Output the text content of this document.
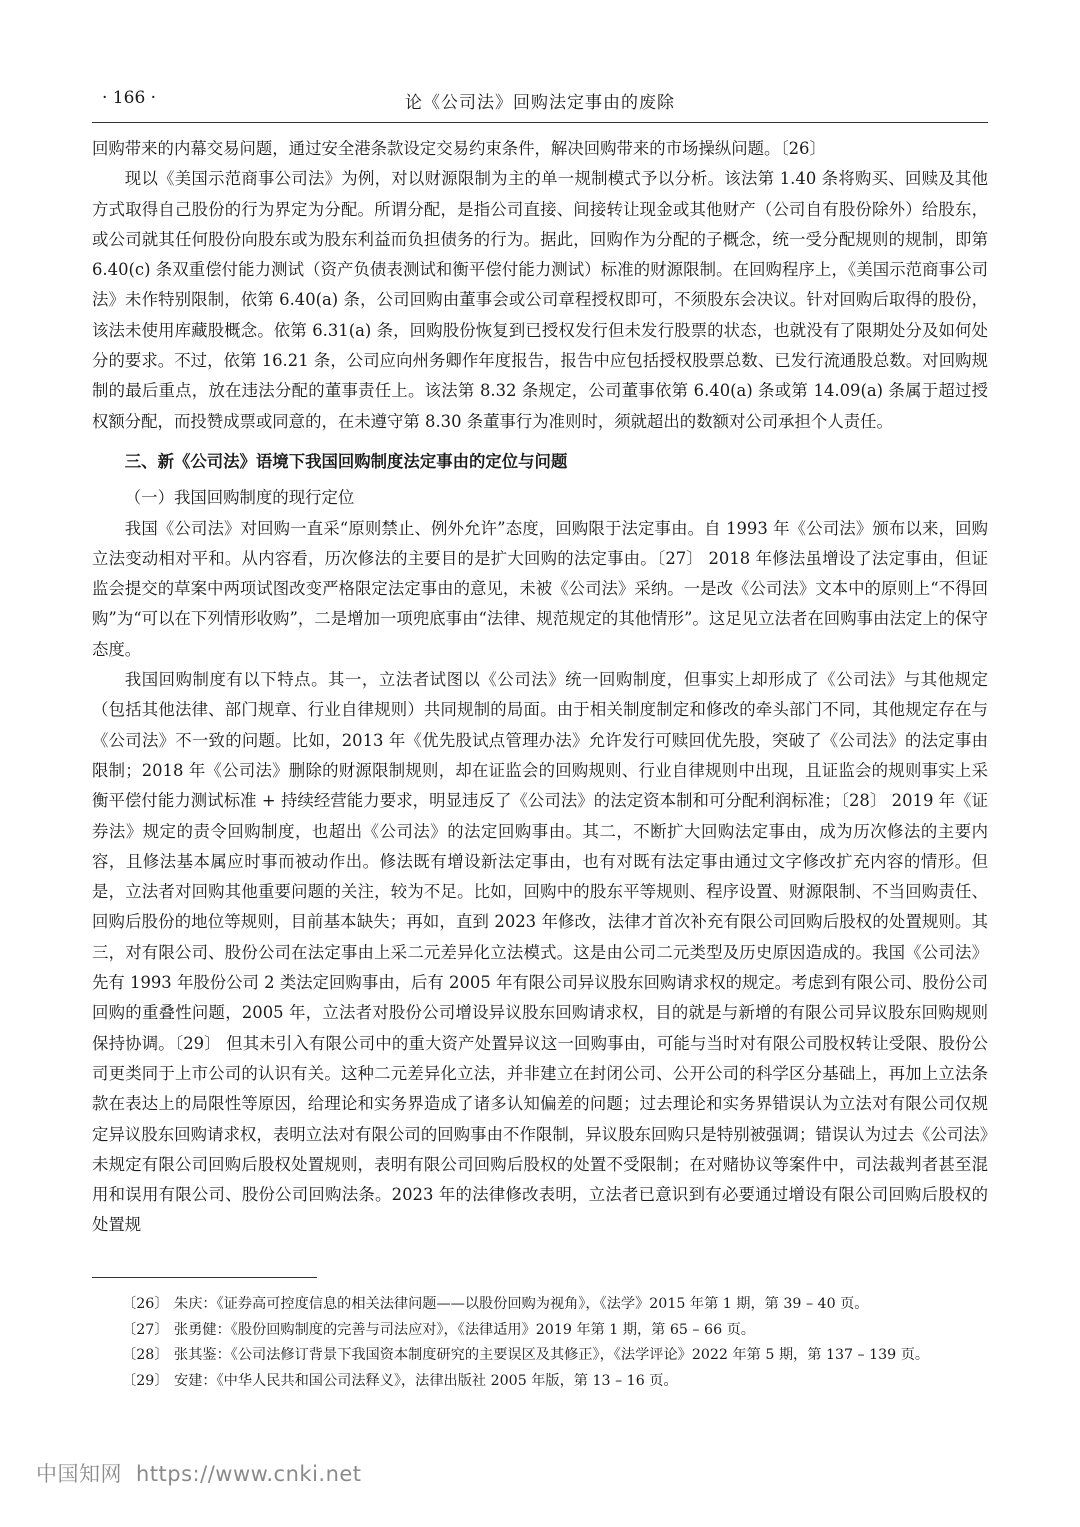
· 166 ·	论《公司法》回购法定事由的废除

回购带来的内幕交易问题，通过安全港条款设定交易约束条件，解决回购带来的市场操纵问题。〔26〕

现以《美国示范商事公司法》为例，对以财源限制为主的单一规制模式予以分析。该法第 1.40 条将购买、回赎及其他方式取得自己股份的行为界定为分配。所谓分配，是指公司直接、间接转让现金或其他财产（公司自有股份除外）给股东，或公司就其任何股份向股东或为股东利益而负担债务的行为。据此，回购作为分配的子概念，统一受分配规则的规制，即第 6.40(c) 条双重偿付能力测试（资产负债表测试和衡平偿付能力测试）标准的财源限制。在回购程序上，《美国示范商事公司法》未作特别限制，依第 6.40(a) 条，公司回购由董事会或公司章程授权即可，不须股东会决议。针对回购后取得的股份，该法未使用库藏股概念。依第 6.31(a) 条，回购股份恢复到已授权发行但未发行股票的状态，也就没有了限期处分及如何处分的要求。不过，依第 16.21 条，公司应向州务卿作年度报告，报告中应包括授权股票总数、已发行流通股总数。对回购规制的最后重点，放在违法分配的董事责任上。该法第 8.32 条规定，公司董事依第 6.40(a) 条或第 14.09(a) 条属于超过授权额分配，而投赞成票或同意的，在未遵守第 8.30 条董事行为准则时，须就超出的数额对公司承担个人责任。

三、新《公司法》语境下我国回购制度法定事由的定位与问题
（一）我国回购制度的现行定位

我国《公司法》对回购一直采“原则禁止、例外允许”态度，回购限于法定事由。自 1993 年《公司法》颁布以来，回购立法变动相对平和。从内容看，历次修法的主要目的是扩大回购的法定事由。〔27〕 2018 年修法虽增设了法定事由，但证监会提交的草案中两项试图改变严格限定法定事由的意见，未被《公司法》采纳。一是改《公司法》文本中的原则上“不得回购”为“可以在下列情形收购”，二是增加一项兜底事由“法律、规范规定的其他情形”。这足见立法者在回购事由法定上的保守态度。

我国回购制度有以下特点。其一，立法者试图以《公司法》统一回购制度，但事实上却形成了《公司法》与其他规定（包括其他法律、部门规章、行业自律规则）共同规制的局面。由于相关制度制定和修改的牵头部门不同，其他规定存在与《公司法》不一致的问题。比如，2013 年《优先股试点管理办法》允许发行可赎回优先股，突破了《公司法》的法定事由限制；2018 年《公司法》删除的财源限制规则，却在证监会的回购规则、行业自律规则中出现，且证监会的规则事实上采衡平偿付能力测试标准 + 持续经营能力要求，明显违反了《公司法》的法定资本制和可分配利润标准；〔28〕 2019 年《证券法》规定的责令回购制度，也超出《公司法》的法定回购事由。其二，不断扩大回购法定事由，成为历次修法的主要内容，且修法基本属应时事而被动作出。修法既有增设新法定事由，也有对既有法定事由通过文字修改扩充内容的情形。但是，立法者对回购其他重要问题的关注，较为不足。比如，回购中的股东平等规则、程序设置、财源限制、不当回购责任、回购后股份的地位等规则，目前基本缺失；再如，直到 2023 年修改，法律才首次补充有限公司回购后股权的处置规则。其三，对有限公司、股份公司在法定事由上采二元差异化立法模式。这是由公司二元类型及历史原因造成的。我国《公司法》先有 1993 年股份公司 2 类法定回购事由，后有 2005 年有限公司异议股东回购请求权的规定。考虑到有限公司、股份公司回购的重叠性问题，2005 年，立法者对股份公司增设异议股东回购请求权，目的就是与新增的有限公司异议股东回购规则保持协调。〔29〕 但其未引入有限公司中的重大资产处置异议这一回购事由，可能与当时对有限公司股权转让受限、股份公司更类同于上市公司的认识有关。这种二元差异化立法，并非建立在封闭公司、公开公司的科学区分基础上，再加上立法条款在表达上的局限性等原因，给理论和实务界造成了诸多认知偏差的问题；过去理论和实务界错误认为立法对有限公司仅规定异议股东回购请求权，表明立法对有限公司的回购事由不作限制，异议股东回购只是特别被强调；错误认为过去《公司法》未规定有限公司回购后股权处置规则，表明有限公司回购后股权的处置不受限制；在对赌协议等案件中，司法裁判者甚至混用和误用有限公司、股份公司回购法条。2023 年的法律修改表明，立法者已意识到有必要通过增设有限公司回购后股权的处置规

〔26〕 朱庆：《证券高可控度信息的相关法律问题——以股份回购为视角》，《法学》2015 年第 1 期，第 39 – 40 页。
〔27〕 张勇健：《股份回购制度的完善与司法应对》，《法律适用》2019 年第 1 期，第 65 – 66 页。
〔28〕 张其鉴：《公司法修订背景下我国资本制度研究的主要误区及其修正》，《法学评论》2022 年第 5 期，第 137 – 139 页。
〔29〕 安建：《中华人民共和国公司法释义》，法律出版社 2005 年版，第 13 – 16 页。
中国知网 https://www.cnki.net
